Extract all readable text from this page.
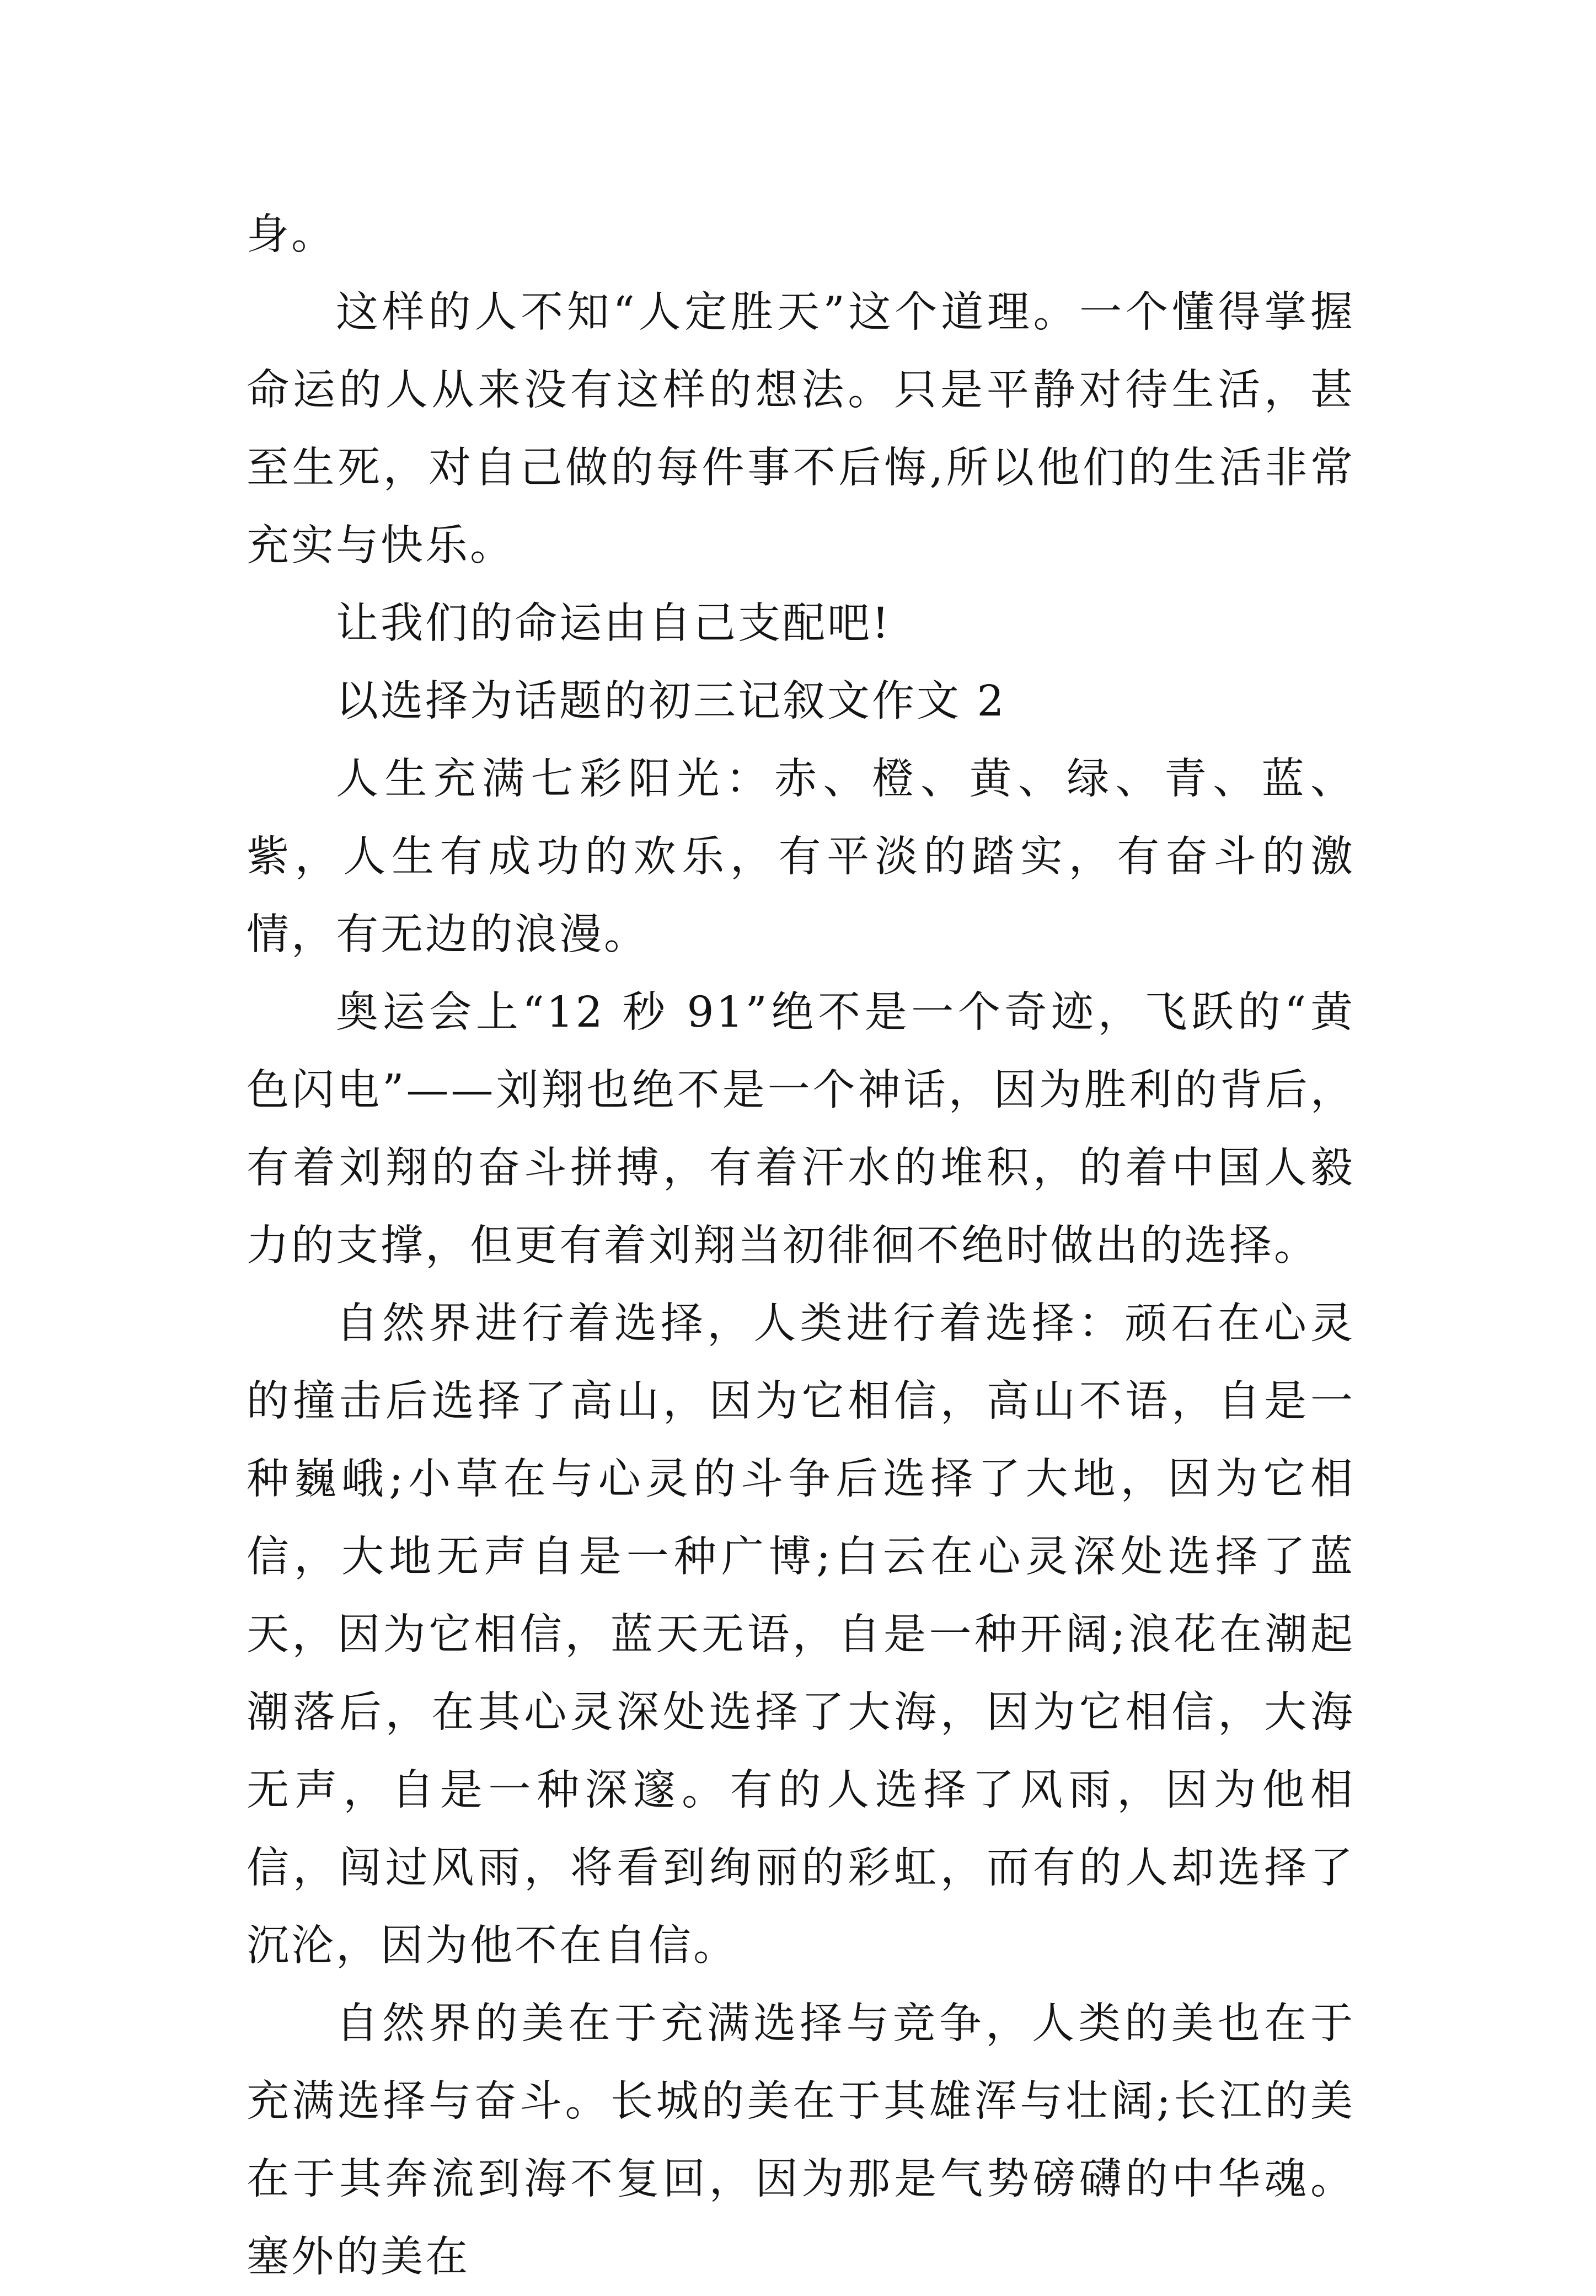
身。

这样的人不知“人定胜天”这个道理。一个懂得掌握命运的人从来没有这样的想法。只是平静对待生活，甚至生死，对自己做的每件事不后悔,所以他们的生活非常充实与快乐。

让我们的命运由自己支配吧!

以选择为话题的初三记叙文作文 2

人生充满七彩阳光：赤、橙、黄、绿、青、蓝、紫，人生有成功的欢乐，有平淡的踏实，有奋斗的激情，有无边的浪漫。

奥运会上“12 秒 91”绝不是一个奇迹，飞跃的“黄色闪电”——刘翔也绝不是一个神话，因为胜利的背后，有着刘翔的奋斗拼搏，有着汗水的堆积，的着中国人毅力的支撑，但更有着刘翔当初徘徊不绝时做出的选择。

自然界进行着选择，人类进行着选择：顽石在心灵的撞击后选择了高山，因为它相信，高山不语，自是一种巍峨;小草在与心灵的斗争后选择了大地，因为它相信，大地无声自是一种广博;白云在心灵深处选择了蓝天，因为它相信，蓝天无语，自是一种开阔;浪花在潮起潮落后，在其心灵深处选择了大海，因为它相信，大海无声，自是一种深邃。有的人选择了风雨，因为他相信，闯过风雨，将看到绚丽的彩虹，而有的人却选择了沉沦，因为他不在自信。

自然界的美在于充满选择与竞争，人类的美也在于充满选择与奋斗。长城的美在于其雄浑与壮阔;长江的美在于其奔流到海不复回，因为那是气势磅礴的中华魂。塞外的美在
